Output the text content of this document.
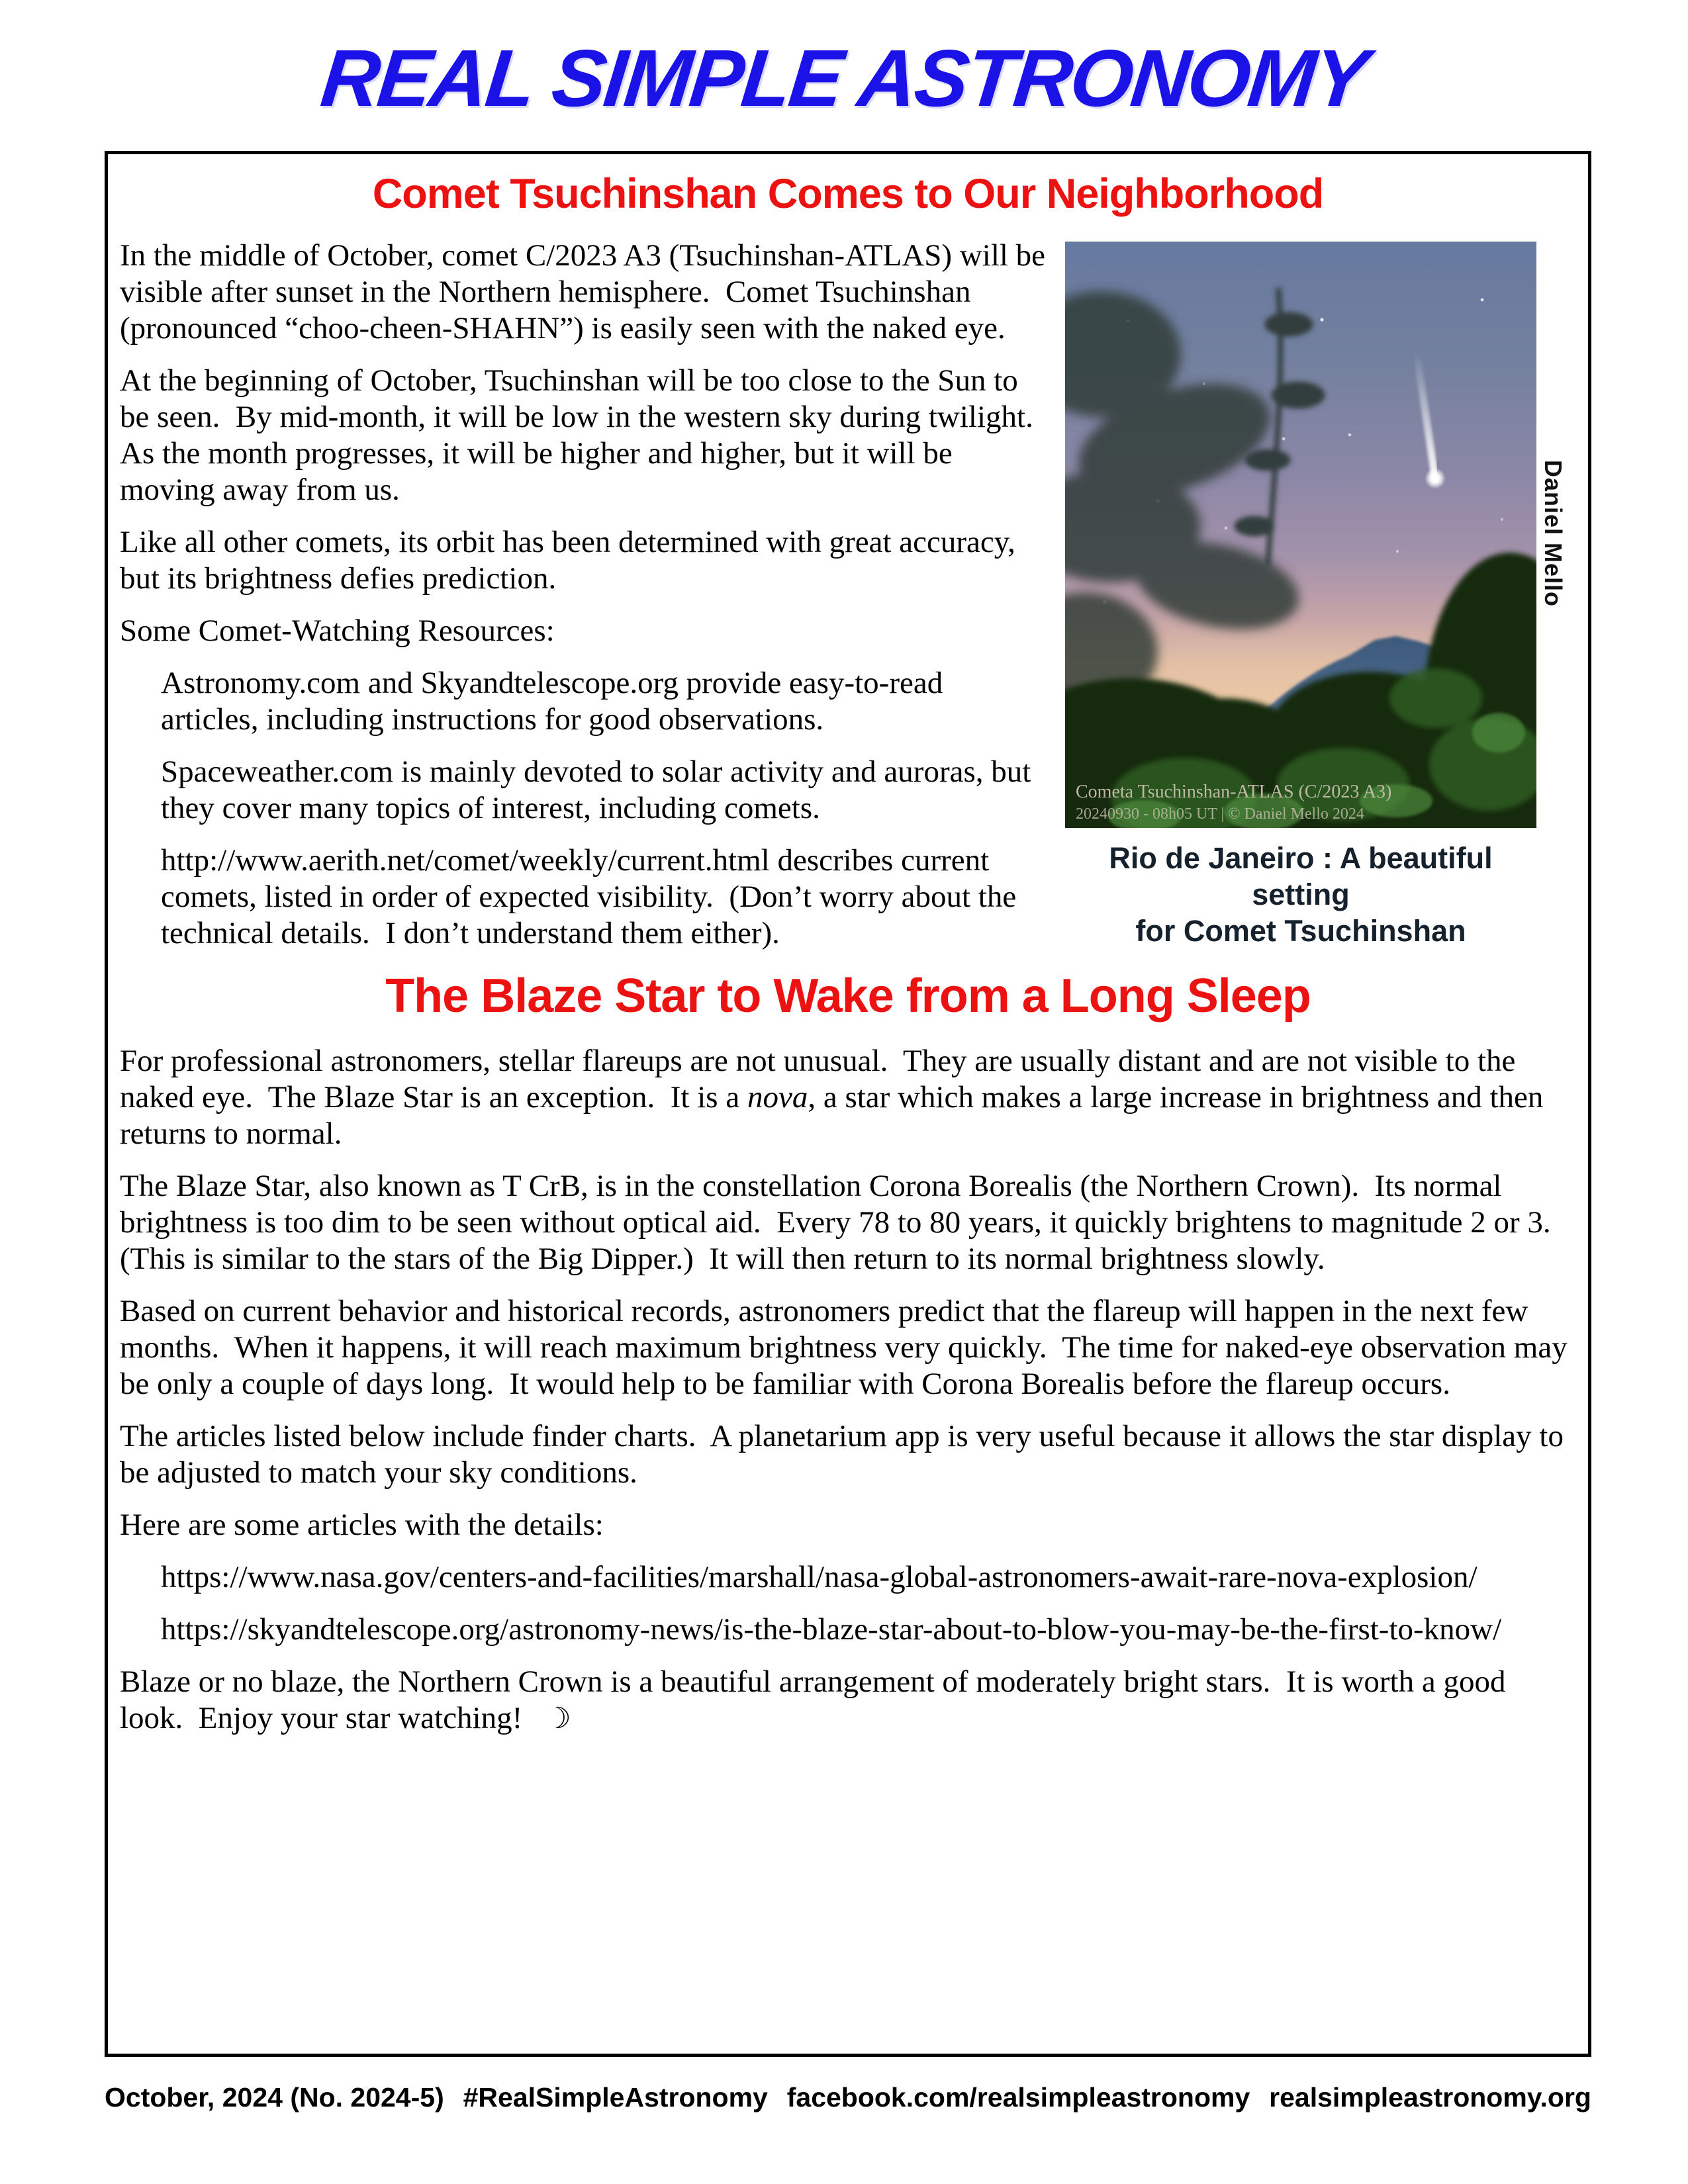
REAL SIMPLE ASTRONOMY
Comet Tsuchinshan Comes to Our Neighborhood
Cometa Tsuchinshan-ATLAS (C/2023 A3)
20240930 - 08h05 UT | © Daniel Mello 2024
Daniel Mello
Rio de Janeiro : A beautiful setting
for Comet Tsuchinshan

In the middle of October, comet C/2023 A3 (Tsuchinshan-ATLAS) will be visible after sunset in the Northern hemisphere.  Comet Tsuchinshan (pronounced “choo-cheen-SHAHN”) is easily seen with the naked eye.

At the beginning of October, Tsuchinshan will be too close to the Sun to be seen.  By mid-month, it will be low in the western sky during twilight.  As the month progresses, it will be higher and higher, but it will be moving away from us.

Like all other comets, its orbit has been determined with great accuracy, but its brightness defies prediction.

Some Comet-Watching Resources:

Astronomy.com and Skyandtelescope.org provide easy-to-read articles, including instructions for good observations.

Spaceweather.com is mainly devoted to solar activity and auroras, but they cover many topics of interest, including comets.

http://www.aerith.net/comet/weekly/current.html describes current comets, listed in order of expected visibility.  (Don’t worry about the technical details.  I don’t understand them either).

The Blaze Star to Wake from a Long Sleep

For professional astronomers, stellar flareups are not unusual.  They are usually distant and are not visible to the naked eye.  The Blaze Star is an exception.  It is a nova, a star which makes a large increase in brightness and then returns to normal.

The Blaze Star, also known as T CrB, is in the constellation Corona Borealis (the Northern Crown).  Its normal brightness is too dim to be seen without optical aid.  Every 78 to 80 years, it quickly brightens to magnitude 2 or 3. (This is similar to the stars of the Big Dipper.)  It will then return to its normal brightness slowly.

Based on current behavior and historical records, astronomers predict that the flareup will happen in the next few months.  When it happens, it will reach maximum brightness very quickly.  The time for naked-eye observation may be only a couple of days long.  It would help to be familiar with Corona Borealis before the flareup occurs.

The articles listed below include finder charts.  A planetarium app is very useful because it allows the star display to be adjusted to match your sky conditions.

Here are some articles with the details:

https://www.nasa.gov/centers-and-facilities/marshall/nasa-global-astronomers-await-rare-nova-explosion/

https://skyandtelescope.org/astronomy-news/is-the-blaze-star-about-to-blow-you-may-be-the-first-to-know/

Blaze or no blaze, the Northern Crown is a beautiful arrangement of moderately bright stars.  It is worth a good look.  Enjoy your star watching! ☽

October, 2024 (No. 2024-5) #RealSimpleAstronomy facebook.com/realsimpleastronomy realsimpleastronomy.org
